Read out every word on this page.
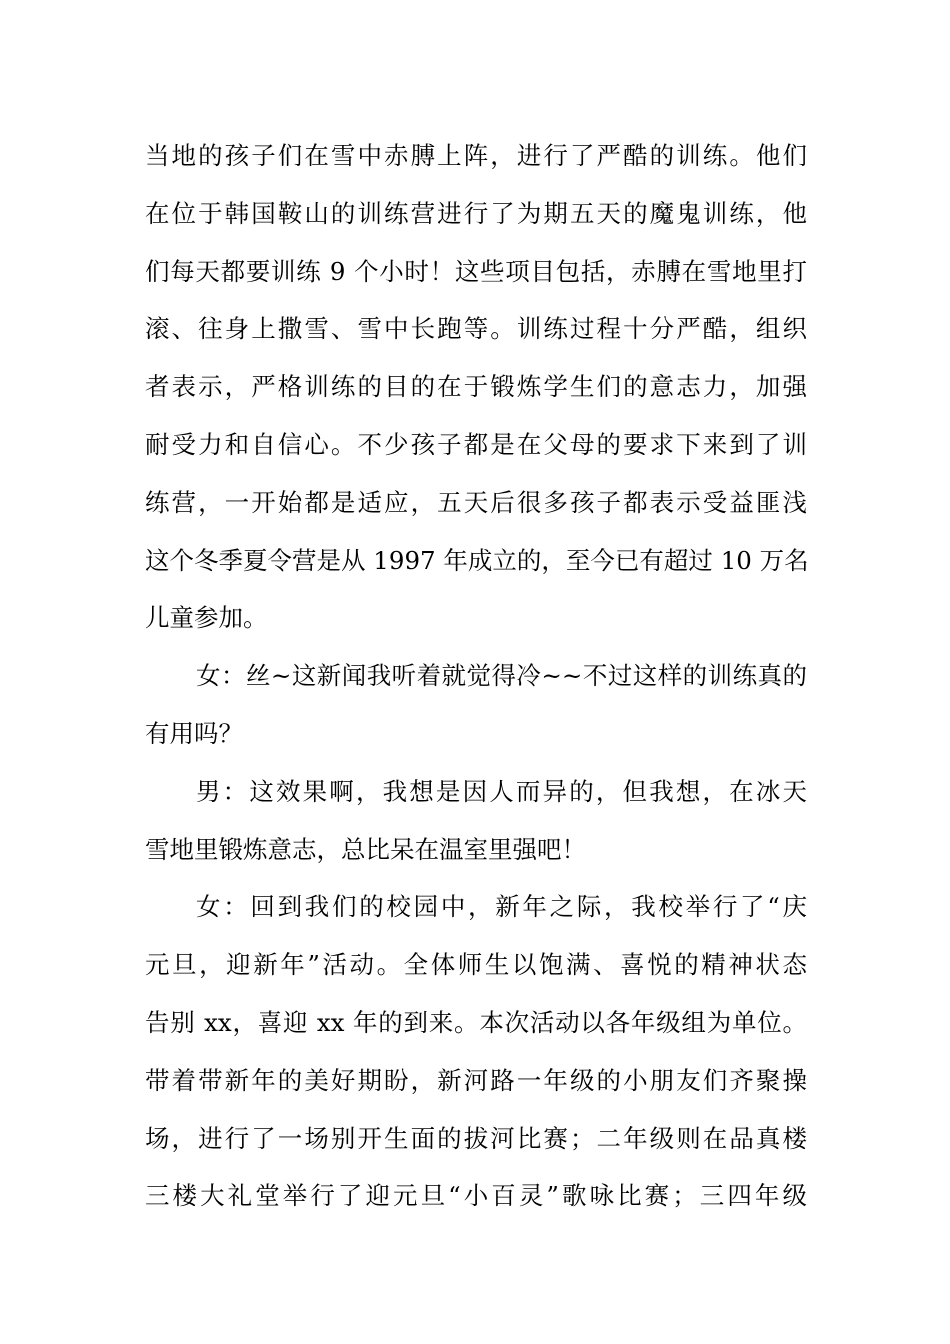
当地的孩子们在雪中赤膊上阵，进行了严酷的训练。他们
在位于韩国鞍山的训练营进行了为期五天的魔鬼训练，他
们每天都要训练 9 个小时！这些项目包括，赤膊在雪地里打
滚、往身上撒雪、雪中长跑等。训练过程十分严酷，组织
者表示，严格训练的目的在于锻炼学生们的意志力，加强
耐受力和自信心。不少孩子都是在父母的要求下来到了训
练营，一开始都是适应，五天后很多孩子都表示受益匪浅
这个冬季夏令营是从 1997 年成立的，至今已有超过 10 万名
儿童参加。
女：丝~这新闻我听着就觉得冷~~不过这样的训练真的
有用吗？
男：这效果啊，我想是因人而异的，但我想，在冰天
雪地里锻炼意志，总比呆在温室里强吧！
女：回到我们的校园中，新年之际，我校举行了“庆
元旦，迎新年”活动。全体师生以饱满、喜悦的精神状态
告别 xx，喜迎 xx 年的到来。本次活动以各年级组为单位。
带着带新年的美好期盼，新河路一年级的小朋友们齐聚操
场，进行了一场别开生面的拔河比赛；二年级则在品真楼
三楼大礼堂举行了迎元旦“小百灵”歌咏比赛；三四年级
